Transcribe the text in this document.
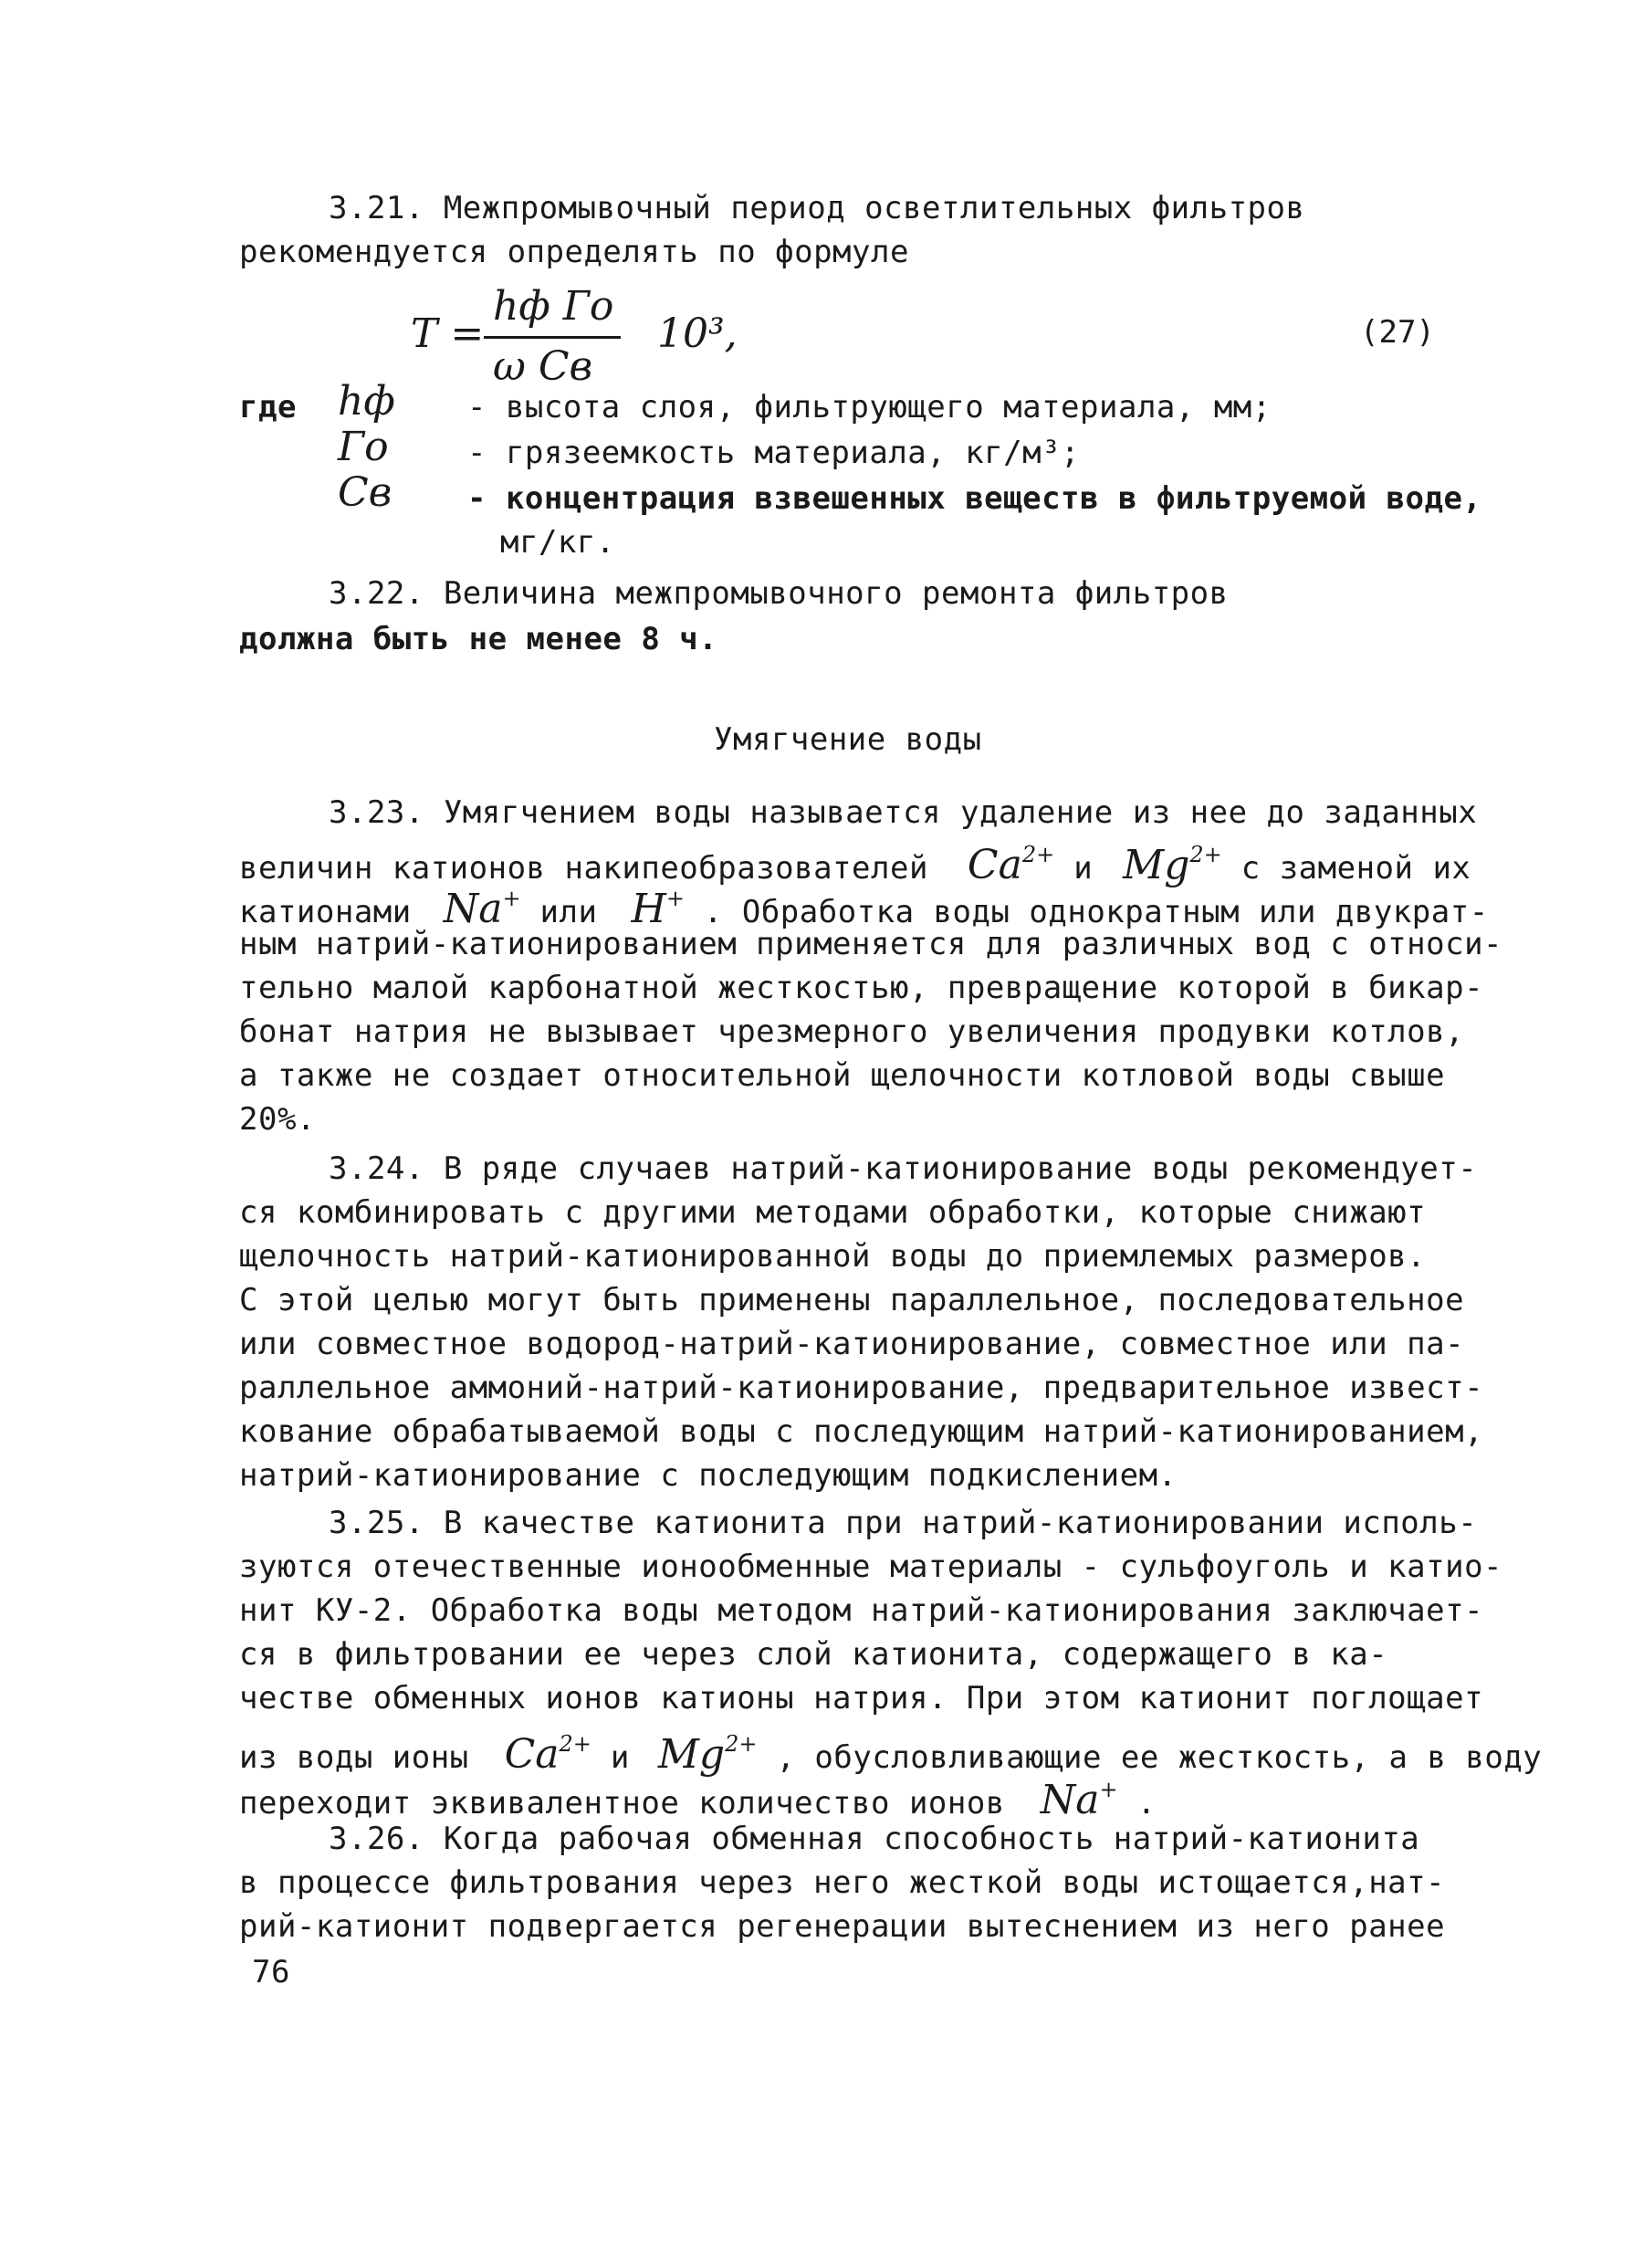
3.21. Межпромывочный период осветлительных фильтров
рекомендуется определять по формуле
T =
hф Го
ω Cв
10³,	(27)
где hф - высота слоя, фильтрующего материала, мм;
Го	- грязеемкость материала, кг/м³;
Cв - концентрация взвешенных веществ в фильтруемой воде,
мг/кг.
3.22. Величина межпромывочного ремонта фильтров
должна быть не менее 8 ч.
Умягчение воды
3.23. Умягчением воды называется удаление из нее до заданных
величин катионов накипеобразователей $Ca^{2+}$ и $Mg^{2+}$ с заменой их
катионами Na+ или H+ . Обработка воды однократным или двукрат-
ным натрий-катионированием применяется для различных вод с относи-
тельно малой карбонатной жесткостью, превращение которой в бикар-
бонат натрия не вызывает чрезмерного увеличения продувки котлов,
а также не создает относительной щелочности котловой воды свыше
20%.
3.24. В ряде случаев натрий-катионирование воды рекомендует-
ся комбинировать с другими методами обработки, которые снижают
щелочность натрий-катионированной воды до приемлемых размеров.
С этой целью могут быть применены параллельное, последовательное
или совместное водород-натрий-катионирование, совместное или па-
раллельное аммоний-натрий-катионирование, предварительное извест-
кование обрабатываемой воды с последующим натрий-катионированием,
натрий-катионирование с последующим подкислением.
3.25. В качестве катионита при натрий-катионировании исполь-
зуются отечественные ионообменные материалы - сульфоуголь и катио-
нит КУ-2. Обработка воды методом натрий-катионирования заключает-
ся в фильтровании ее через слой катионита, содержащего в ка-
честве обменных ионов катионы натрия. При этом катионит поглощает
из воды ионы $Ca^{2+}$ и $Mg^{2+}$ , обусловливающие ее жесткость, а в воду
переходит эквивалентное количество ионов Na+ .
3.26. Когда рабочая обменная способность натрий-катионита
в процессе фильтрования через него жесткой воды истощается,нат-
рий-катионит подвергается регенерации вытеснением из него ранее
76
